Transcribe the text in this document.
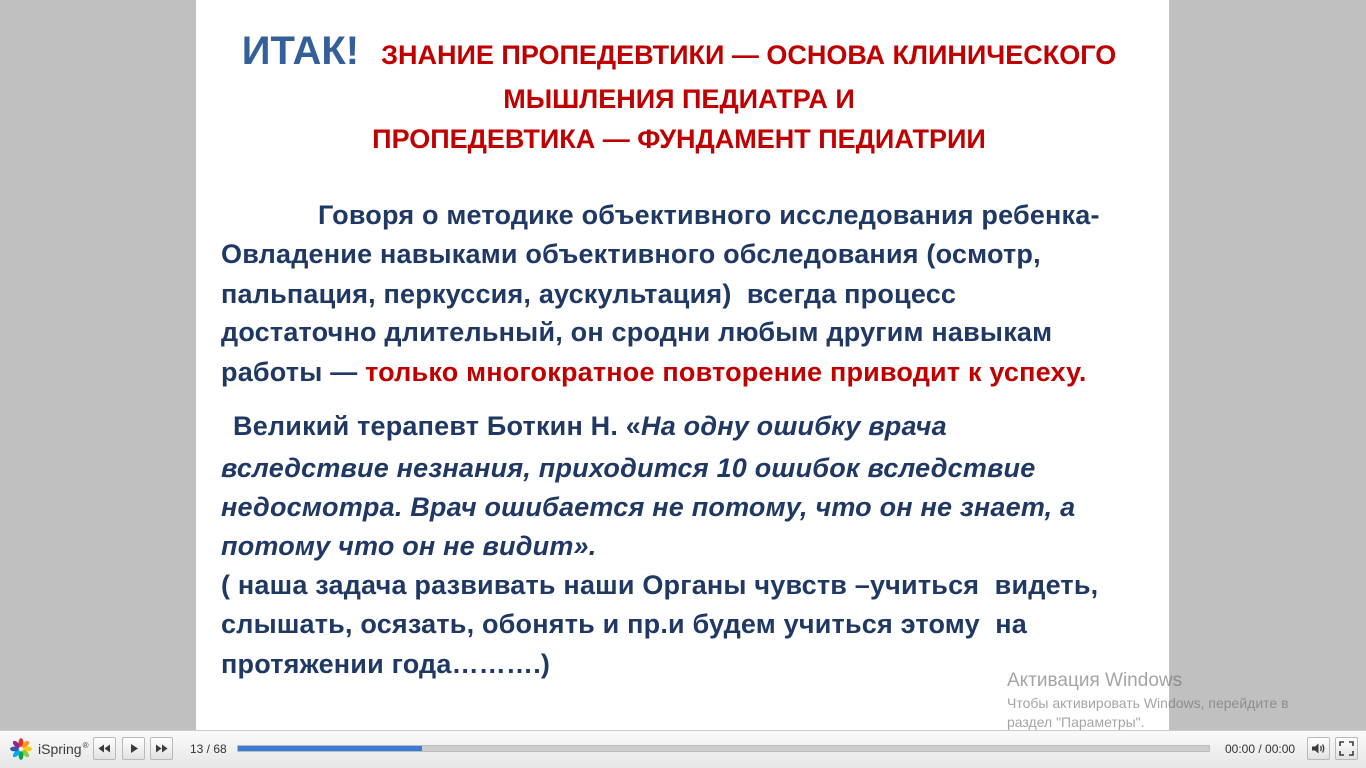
ИТАК! ЗНАНИЕ ПРОПЕДЕВТИКИ — ОСНОВА КЛИНИЧЕСКОГО
МЫШЛЕНИЯ ПЕДИАТРА И
ПРОПЕДЕВТИКА — ФУНДАМЕНТ ПЕДИАТРИИ
Говоря о методике объективного исследования ребенка-
Овладение навыками объективного обследования (осмотр,
пальпация, перкуссия, аускультация)  всегда процесс
достаточно длительный, он сродни любым другим навыкам
работы — только многократное повторение приводит к успеху.
Великий терапевт Боткин Н. «На одну ошибку врача
вследствие незнания, приходится 10 ошибок вследствие
недосмотра. Врач ошибается не потому, что он не знает, а
потому что он не видит».
( наша задача развивать наши Органы чувств –учиться  видеть,
слышать, осязать, обонять и пр.и будем учиться этому  на
протяжении года……….)
Активация Windows
Чтобы активировать Windows, перейдите в
раздел "Параметры".
iSpring®	13 / 68	00:00 / 00:00
